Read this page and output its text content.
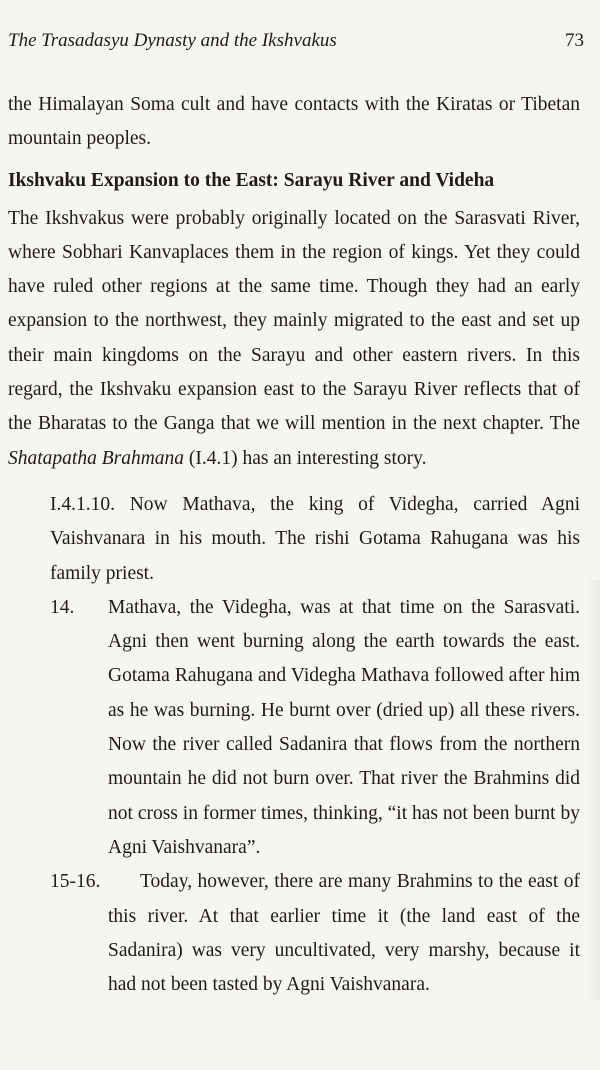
The Trasadasyu Dynasty and the Ikshvakus	73

the Himalayan Soma cult and have contacts with the Kiratas or Tibetan mountain peoples.

Ikshvaku Expansion to the East: Sarayu River and Videha

The Ikshvakus were probably originally located on the Sarasvati River, where Sobhari Kanvaplaces them in the region of kings. Yet they could have ruled other regions at the same time. Though they had an early expansion to the northwest, they mainly migrated to the east and set up their main kingdoms on the Sarayu and other eastern rivers. In this regard, the Ikshvaku expansion east to the Sarayu River reflects that of the Bharatas to the Ganga that we will mention in the next chapter. The Shatapatha Brahmana (I.4.1) has an interesting story.

I.4.1.10. Now Mathava, the king of Videgha, carried Agni Vaishvanara in his mouth. The rishi Gotama Rahugana was his family priest.
14.	Mathava, the Videgha, was at that time on the Sarasvati. Agni then went burning along the earth towards the east. Gotama Rahugana and Videgha Mathava followed after him as he was burning. He burnt over (dried up) all these rivers. Now the river called Sadanira that flows from the northern mountain he did not burn over. That river the Brahmins did not cross in former times, thinking, “it has not been burnt by Agni Vaishvanara”.
15-16.	Today, however, there are many Brahmins to the east of this river. At that earlier time it (the land east of the Sadanira) was very uncultivated, very marshy, because it had not been tasted by Agni Vaishvanara.
